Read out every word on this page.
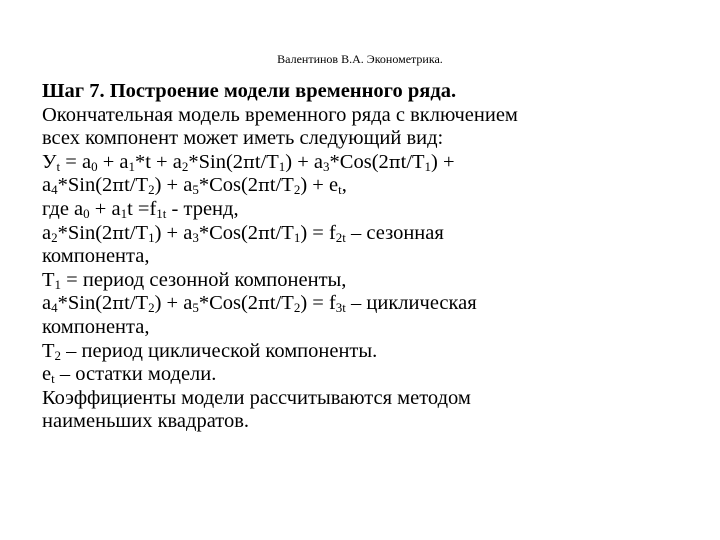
Валентинов В.А. Эконометрика.
Шаг 7. Построение модели временного ряда.
Окончательная модель временного ряда с включением
всех компонент может иметь следующий вид:
$У_t = a_0 + a_1*t + a_2*Sin(2\pi t/T_1) + a_3*Cos(2\pi t/T_1)$ +
$a_4*Sin(2\pi t/T_2) + a_5*Cos(2\pi t/T_2) + e_t$,
где $a_0 + a_1t =f_{1t}$ - тренд,
$a_2*Sin(2\pi t/T_1) + a_3*Cos(2\pi t/T_1) = f_{2t}$ – сезонная
компонента,
$T_1$ = период сезонной компоненты,
$a_4*Sin(2\pi t/T_2) + a_5*Cos(2\pi t/T_2) = f_{3t}$ – циклическая
компонента,
$T_2$ – период циклической компоненты.
$e_t$ – остатки модели.
Коэффициенты модели рассчитываются методом
наименьших квадратов.
